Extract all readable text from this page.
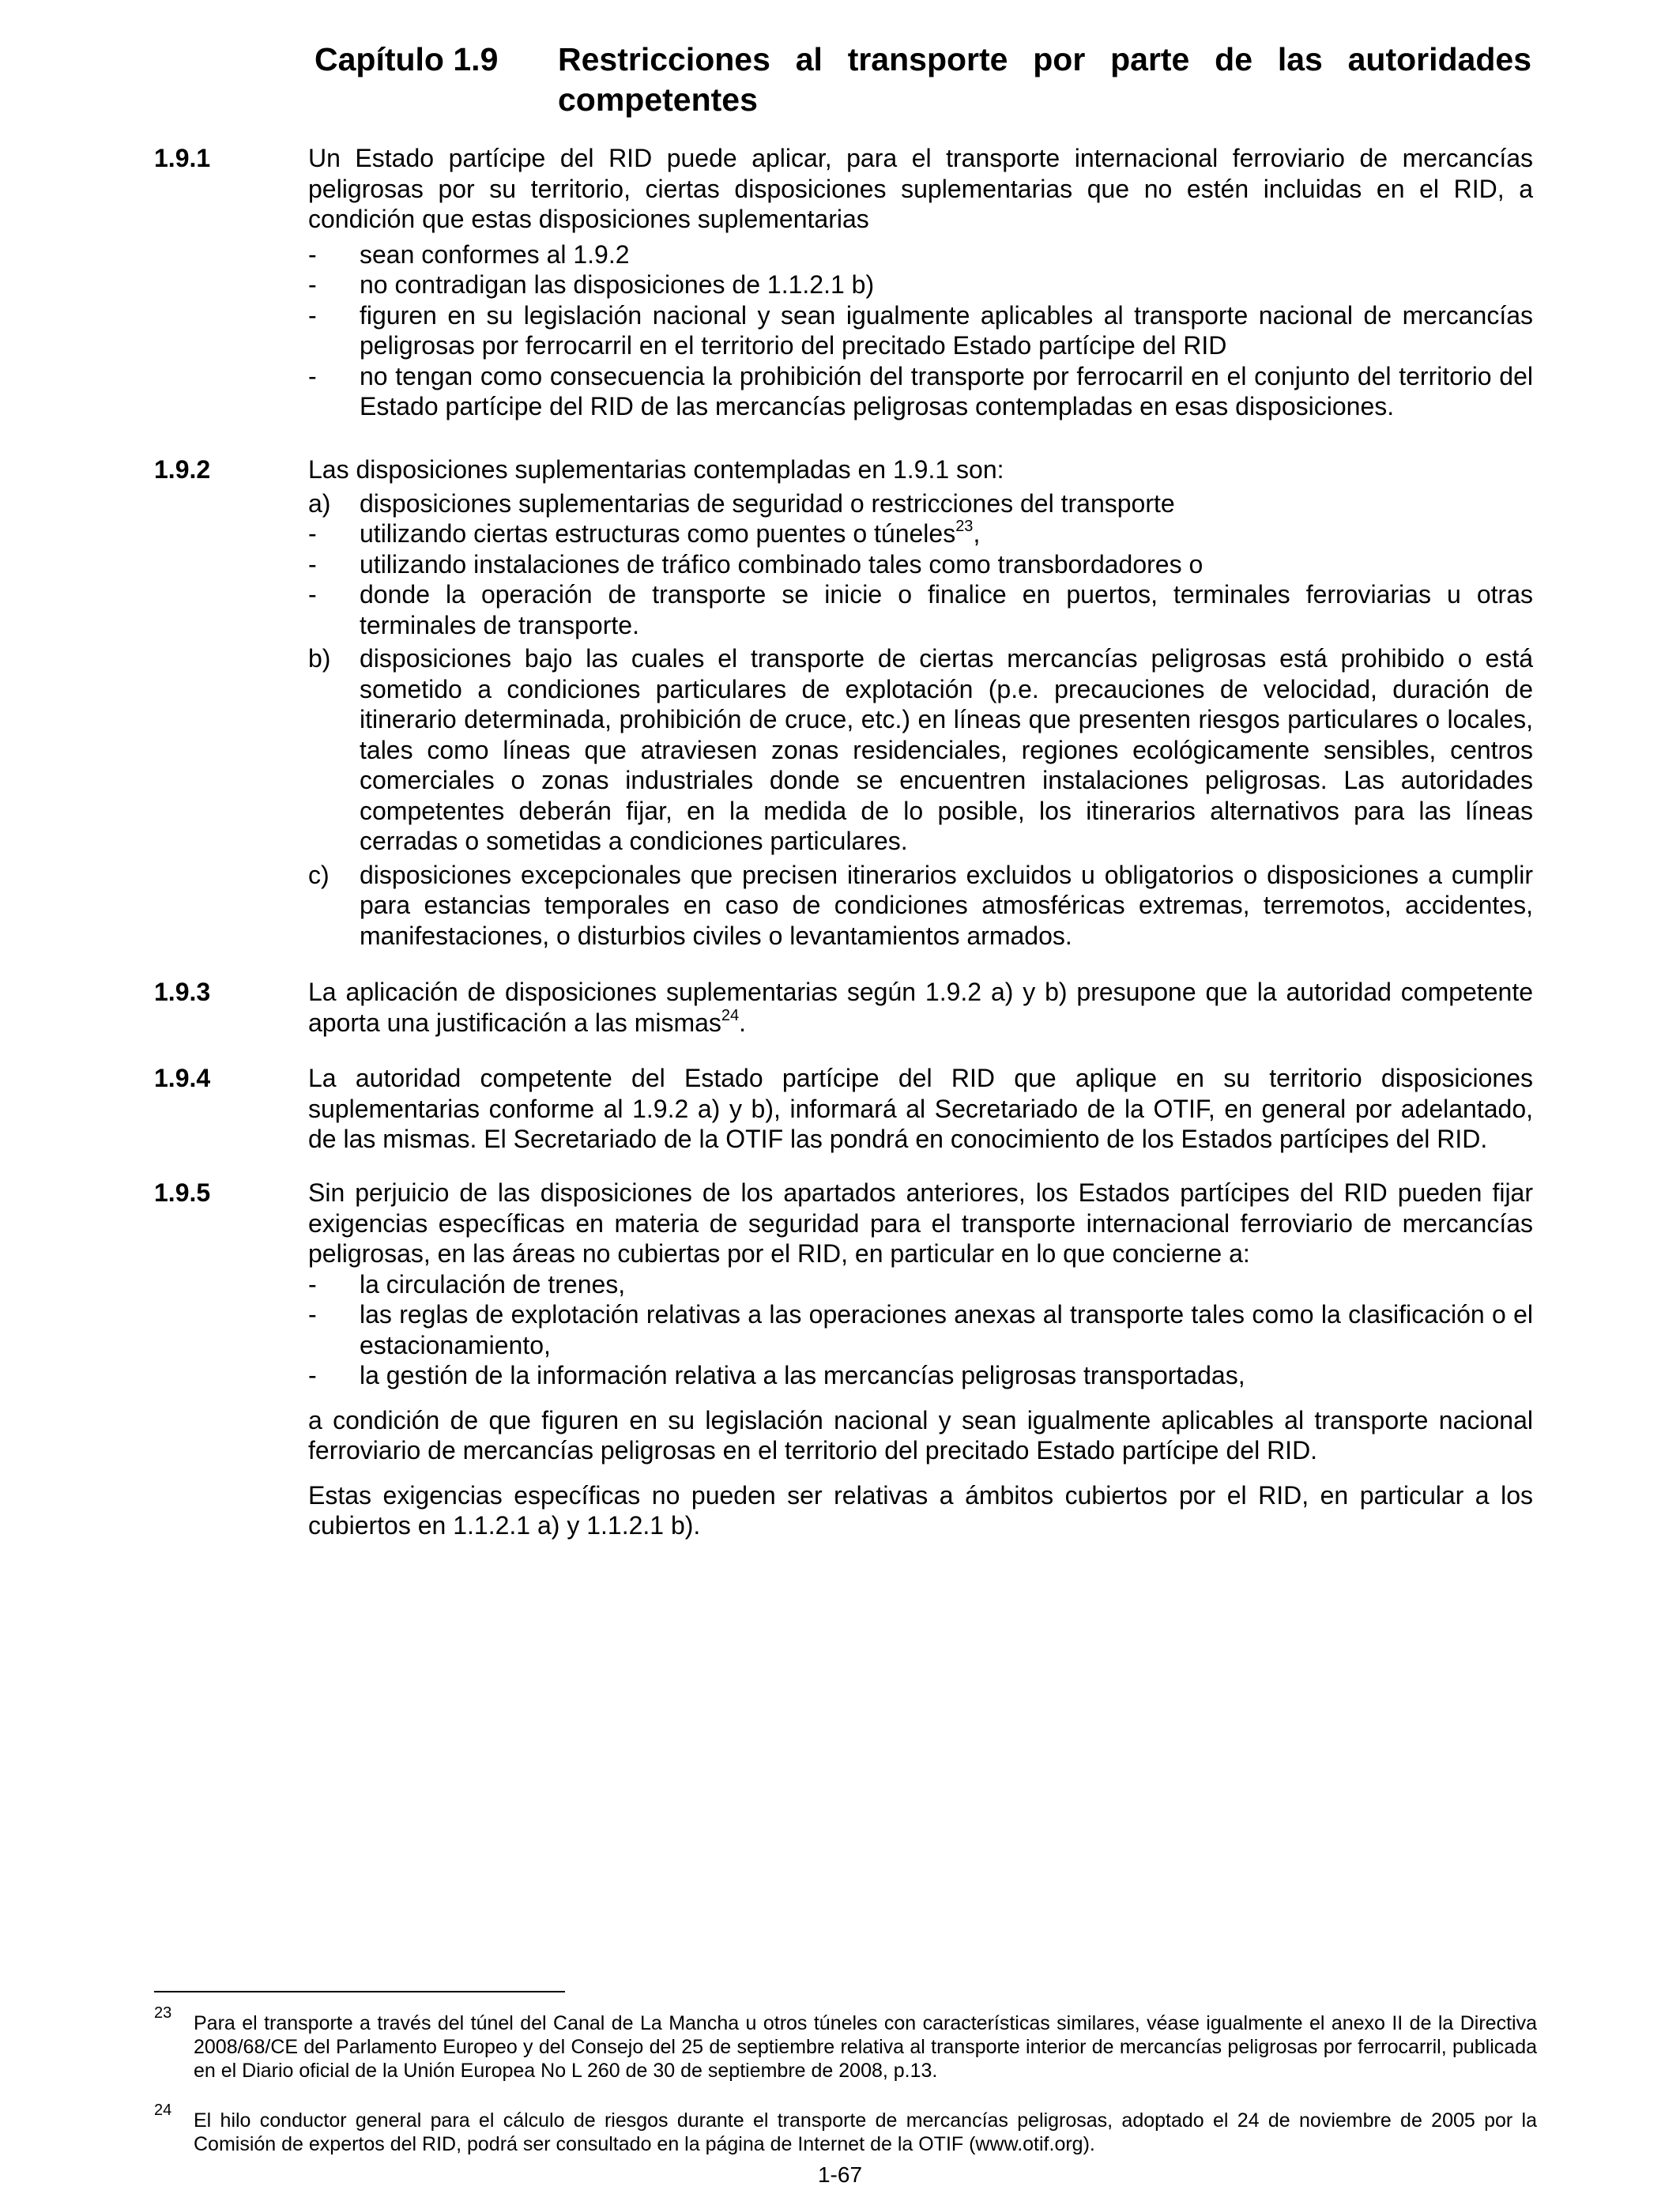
Capítulo 1.9 Restricciones al transporte por parte de las autoridades competentes
1.9.1	Un Estado partícipe del RID puede aplicar, para el transporte internacional ferroviario de mercancías peligrosas por su territorio, ciertas disposiciones suplementarias que no estén incluidas en el RID, a condición que estas disposiciones suplementarias

-	sean conformes al 1.9.2
-	no contradigan las disposiciones de 1.1.2.1 b)
-	figuren en su legislación nacional y sean igualmente aplicables al transporte nacional de mercancías peligrosas por ferrocarril en el territorio del precitado Estado partícipe del RID
-	no tengan como consecuencia la prohibición del transporte por ferrocarril en el conjunto del territorio del Estado partícipe del RID de las mercancías peligrosas contempladas en esas disposiciones.
1.9.2	Las disposiciones suplementarias contempladas en 1.9.1 son:

a)	disposiciones suplementarias de seguridad o restricciones del transporte
-	utilizando ciertas estructuras como puentes o túneles$^{23}$,
-	utilizando instalaciones de tráfico combinado tales como transbordadores o
-	donde la operación de transporte se inicie o finalice en puertos, terminales ferroviarias u otras terminales de transporte.
b)	disposiciones bajo las cuales el transporte de ciertas mercancías peligrosas está prohibido o está sometido a condiciones particulares de explotación (p.e. precauciones de velocidad, duración de itinerario determinada, prohibición de cruce, etc.) en líneas que presenten riesgos particulares o locales, tales como líneas que atraviesen zonas residenciales, regiones ecológicamente sensibles, centros comerciales o zonas industriales donde se encuentren instalaciones peligrosas. Las autoridades competentes deberán fijar, en la medida de lo posible, los itinerarios alternativos para las líneas cerradas o sometidas a condiciones particulares.
c)	disposiciones excepcionales que precisen itinerarios excluidos u obligatorios o disposiciones a cumplir para estancias temporales en caso de condiciones atmosféricas extremas, terremotos, accidentes, manifestaciones, o disturbios civiles o levantamientos armados.
1.9.3	La aplicación de disposiciones suplementarias según 1.9.2 a) y b) presupone que la autoridad competente aporta una justificación a las mismas$^{24}$.

1.9.4	La autoridad competente del Estado partícipe del RID que aplique en su territorio disposiciones suplementarias conforme al 1.9.2 a) y b), informará al Secretariado de la OTIF, en general por adelantado, de las mismas. El Secretariado de la OTIF las pondrá en conocimiento de los Estados partícipes del RID.

1.9.5	Sin perjuicio de las disposiciones de los apartados anteriores, los Estados partícipes del RID pueden fijar exigencias específicas en materia de seguridad para el transporte internacional ferroviario de mercancías peligrosas, en las áreas no cubiertas por el RID, en particular en lo que concierne a:

-	la circulación de trenes,
-	las reglas de explotación relativas a las operaciones anexas al transporte tales como la clasificación o el estacionamiento,
-	la gestión de la información relativa a las mercancías peligrosas transportadas,

a condición de que figuren en su legislación nacional y sean igualmente aplicables al transporte nacional ferroviario de mercancías peligrosas en el territorio del precitado Estado partícipe del RID.

Estas exigencias específicas no pueden ser relativas a ámbitos cubiertos por el RID, en particular a los cubiertos en 1.1.2.1 a) y 1.1.2.1 b).

23	Para el transporte a través del túnel del Canal de La Mancha u otros túneles con características similares, véase igualmente el anexo II de la Directiva 2008/68/CE del Parlamento Europeo y del Consejo del 25 de septiembre relativa al transporte interior de mercancías peligrosas por ferrocarril, publicada en el Diario oficial de la Unión Europea No L 260 de 30 de septiembre de 2008, p.13.
24	El hilo conductor general para el cálculo de riesgos durante el transporte de mercancías peligrosas, adoptado el 24 de noviembre de 2005 por la Comisión de expertos del RID, podrá ser consultado en la página de Internet de la OTIF (www.otif.org).
1-67
